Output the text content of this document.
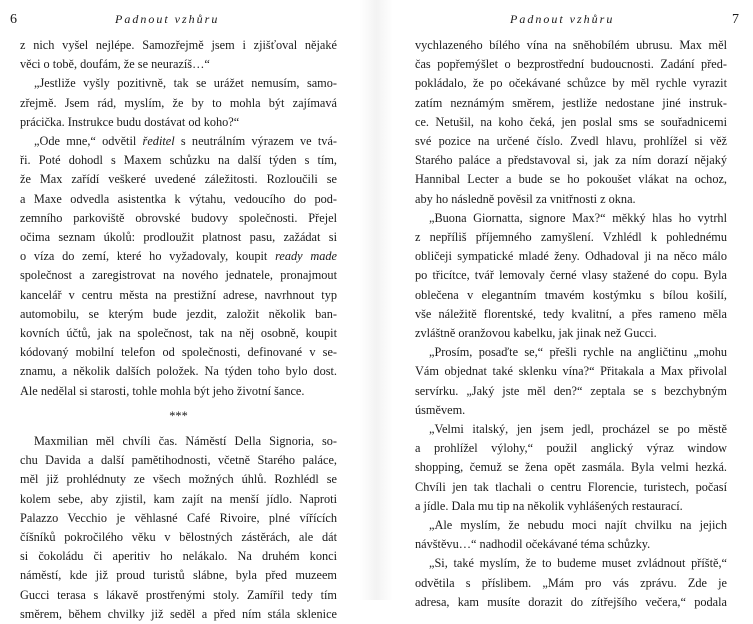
6	Padnout vzhůru
z nich vyšel nejlépe. Samozřejmě jsem i zjišťoval nějaké
věci o tobě, doufám, že se neurazíš…“
„Jestliže vyšly pozitivně, tak se urážet nemusím, samo-
zřejmě. Jsem rád, myslím, že by to mohla být zajímavá
prácička. Instrukce budu dostávat od koho?“
„Ode mne,“ odvětil ředitel s neutrálním výrazem ve tvá-
ři. Poté dohodl s Maxem schůzku na další týden s tím,
že Max zařídí veškeré uvedené záležitosti. Rozloučili se
a Maxe odvedla asistentka k výtahu, vedoucího do pod-
zemního parkoviště obrovské budovy společnosti. Přejel
očima seznam úkolů: prodloužit platnost pasu, zažádat si
o víza do zemí, které ho vyžadovaly, koupit ready made
společnost a zaregistrovat na nového jednatele, pronajmout
kancelář v centru města na prestižní adrese, navrhnout typ
automobilu, se kterým bude jezdit, založit několik ban-
kovních účtů, jak na společnost, tak na něj osobně, koupit
kódovaný mobilní telefon od společnosti, definované v se-
znamu, a několik dalších položek. Na týden toho bylo dost.
Ale nedělal si starosti, tohle mohla být jeho životní šance.
***
Maxmilian měl chvíli čas. Náměstí Della Signoria, so-
chu Davida a další pamětihodnosti, včetně Starého paláce,
měl již prohlédnuty ze všech možných úhlů. Rozhlédl se
kolem sebe, aby zjistil, kam zajít na menší jídlo. Naproti
Palazzo Vecchio je věhlasné Café Rivoire, plné vířících
číšníků pokročilého věku v bělostných zástěrách, ale dát
si čokoládu či aperitiv ho nelákalo. Na druhém konci
náměstí, kde již proud turistů slábne, byla před muzeem
Gucci terasa s lákavě prostřenými stoly. Zamířil tedy tím
směrem, během chvilky již seděl a před ním stála sklenice
Padnout vzhůru	7
vychlazeného bílého vína na sněhobílém ubrusu. Max měl
čas popřemýšlet o bezprostřední budoucnosti. Zadání před-
pokládalo, že po očekávané schůzce by měl rychle vyrazit
zatím neznámým směrem, jestliže nedostane jiné instruk-
ce. Netušil, na koho čeká, jen poslal sms se souřadnicemi
své pozice na určené číslo. Zvedl hlavu, prohlížel si věž
Starého paláce a představoval si, jak za ním dorazí nějaký
Hannibal Lecter a bude se ho pokoušet vlákat na ochoz,
aby ho následně pověsil za vnitřnosti z okna.
„Buona Giornatta, signore Max?“ měkký hlas ho vytrhl
z nepříliš příjemného zamyšlení. Vzhlédl k pohlednému
obličeji sympatické mladé ženy. Odhadoval ji na něco málo
po třicítce, tvář lemovaly černé vlasy stažené do copu. Byla
oblečena v elegantním tmavém kostýmku s bílou košilí,
vše náležitě florentské, tedy kvalitní, a přes rameno měla
zvláštně oranžovou kabelku, jak jinak než Gucci.
„Prosím, posaďte se,“ přešli rychle na angličtinu „mohu
Vám objednat také sklenku vína?“ Přitakala a Max přivolal
servírku. „Jaký jste měl den?“ zeptala se s bezchybným
úsměvem.
„Velmi italský, jen jsem jedl, procházel se po městě
a prohlížel výlohy,“ použil anglický výraz window
shopping, čemuž se žena opět zasmála. Byla velmi hezká.
Chvíli jen tak tlachali o centru Florencie, turistech, počasí
a jídle. Dala mu tip na několik vyhlášených restaurací.
„Ale myslím, že nebudu moci najít chvilku na jejich
návštěvu…“ nadhodil očekávané téma schůzky.
„Si, také myslím, že to budeme muset zvládnout příště,“
odvětila s příslibem. „Mám pro vás zprávu. Zde je
adresa, kam musíte dorazit do zítřejšího večera,“ podala
